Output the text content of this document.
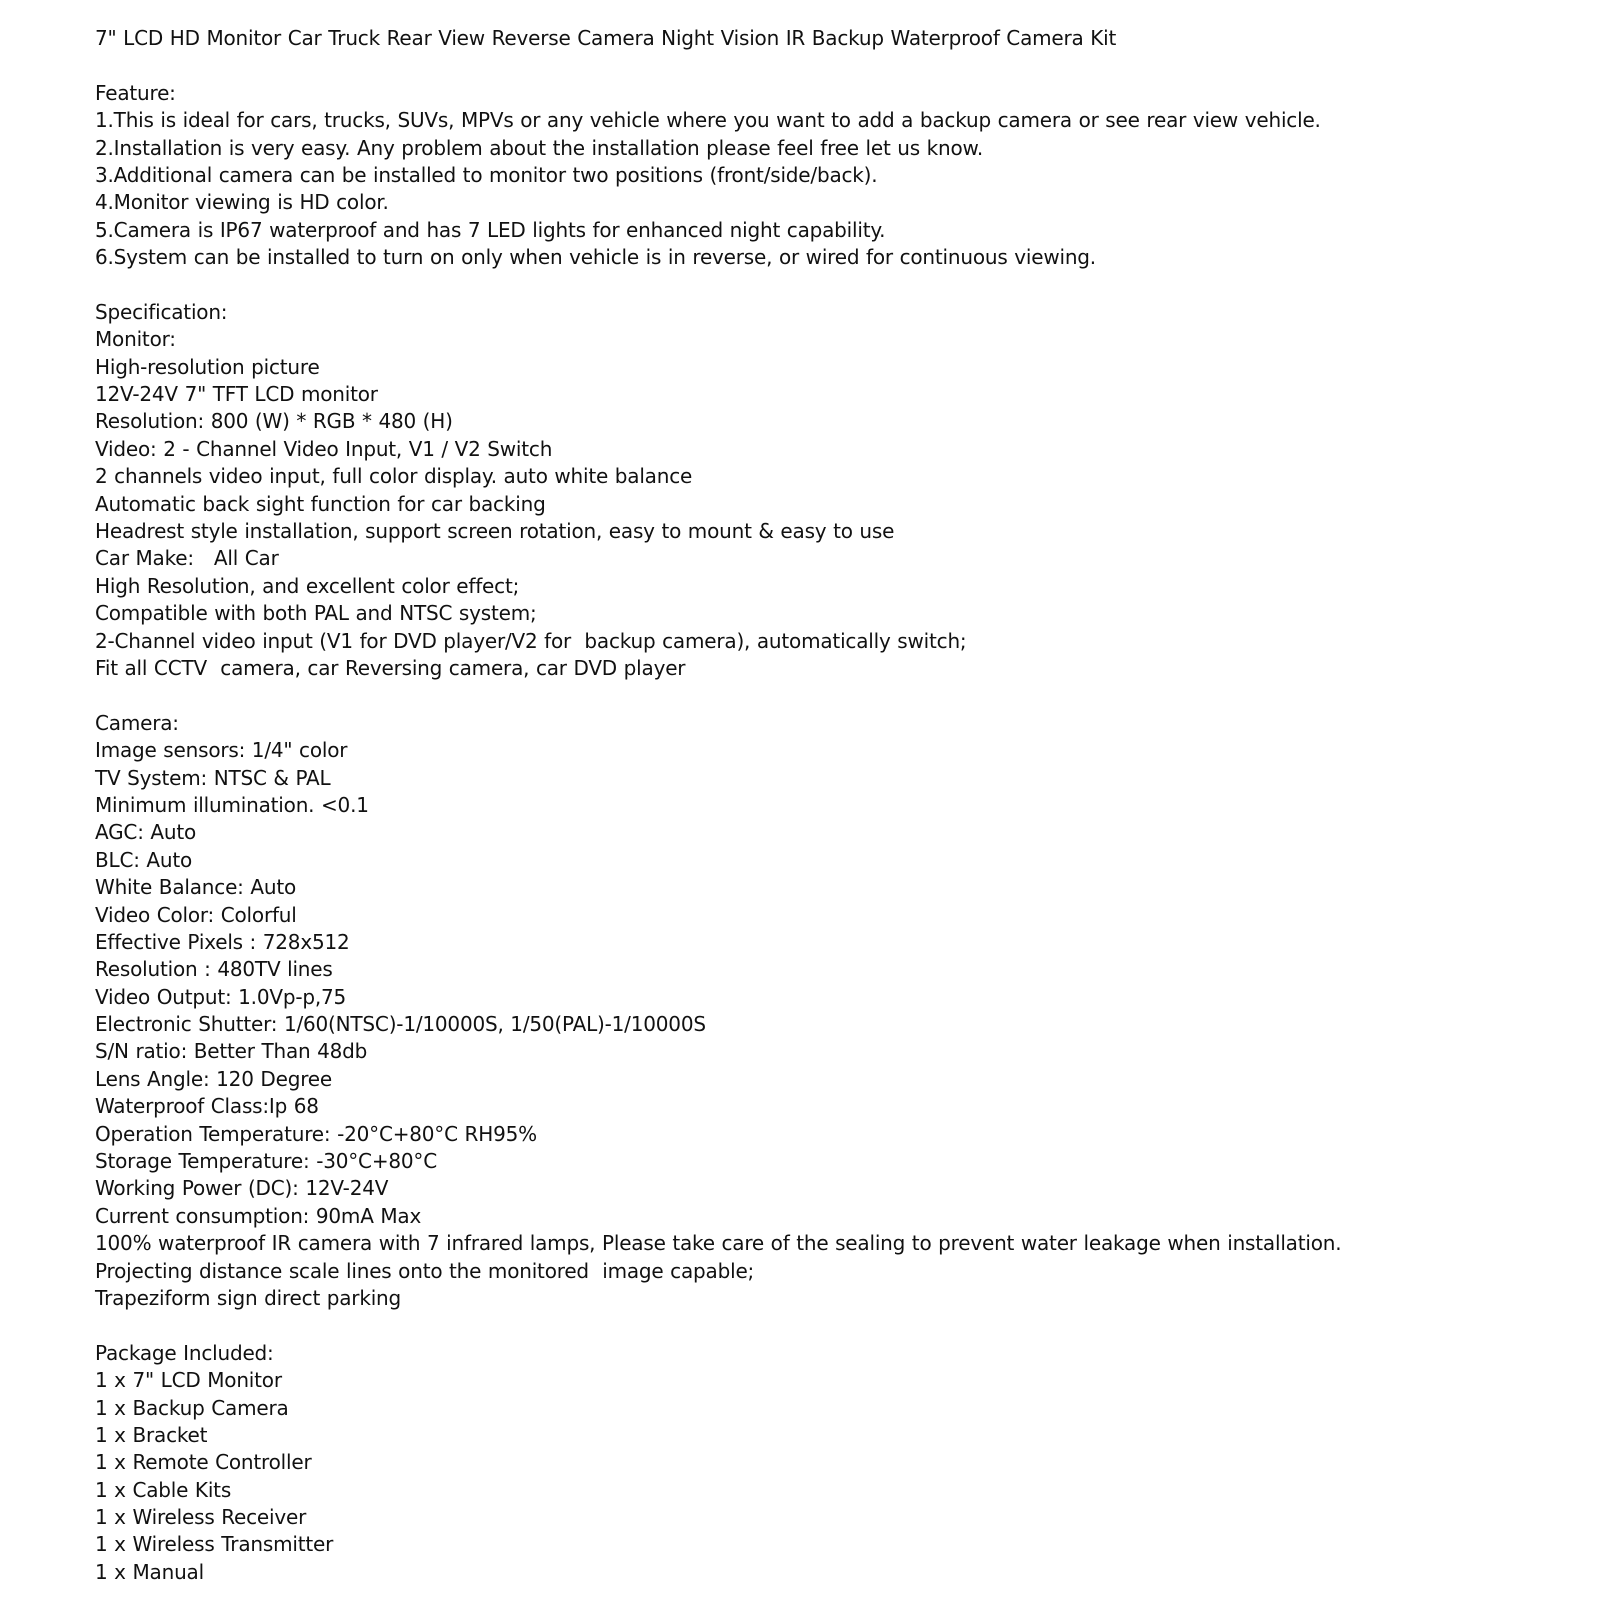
7" LCD HD Monitor Car Truck Rear View Reverse Camera Night Vision IR Backup Waterproof Camera Kit
Feature:
1.This is ideal for cars, trucks, SUVs, MPVs or any vehicle where you want to add a backup camera or see rear view vehicle.
2.Installation is very easy. Any problem about the installation please feel free let us know.
3.Additional camera can be installed to monitor two positions (front/side/back).
4.Monitor viewing is HD color.
5.Camera is IP67 waterproof and has 7 LED lights for enhanced night capability.
6.System can be installed to turn on only when vehicle is in reverse, or wired for continuous viewing.
Specification:
Monitor:
High-resolution picture
12V-24V 7" TFT LCD monitor
Resolution: 800 (W) * RGB * 480 (H)
Video: 2 - Channel Video Input, V1 / V2 Switch
2 channels video input, full color display. auto white balance
Automatic back sight function for car backing
Headrest style installation, support screen rotation, easy to mount & easy to use
Car Make:   All Car
High Resolution, and excellent color effect;
Compatible with both PAL and NTSC system;
2-Channel video input (V1 for DVD player/V2 for  backup camera), automatically switch;
Fit all CCTV  camera, car Reversing camera, car DVD player
Camera:
Image sensors: 1/4" color
TV System: NTSC & PAL
Minimum illumination. <0.1
AGC: Auto
BLC: Auto
White Balance: Auto
Video Color: Colorful
Effective Pixels : 728x512
Resolution : 480TV lines
Video Output: 1.0Vp-p,75
Electronic Shutter: 1/60(NTSC)-1/10000S, 1/50(PAL)-1/10000S
S/N ratio: Better Than 48db
Lens Angle: 120 Degree
Waterproof Class:Ip 68
Operation Temperature: -20°C+80°C RH95%
Storage Temperature: -30°C+80°C
Working Power (DC): 12V-24V
Current consumption: 90mA Max
100% waterproof IR camera with 7 infrared lamps, Please take care of the sealing to prevent water leakage when installation.
Projecting distance scale lines onto the monitored  image capable;
Trapeziform sign direct parking
Package Included:
1 x 7" LCD Monitor
1 x Backup Camera
1 x Bracket
1 x Remote Controller
1 x Cable Kits
1 x Wireless Receiver
1 x Wireless Transmitter
1 x Manual
